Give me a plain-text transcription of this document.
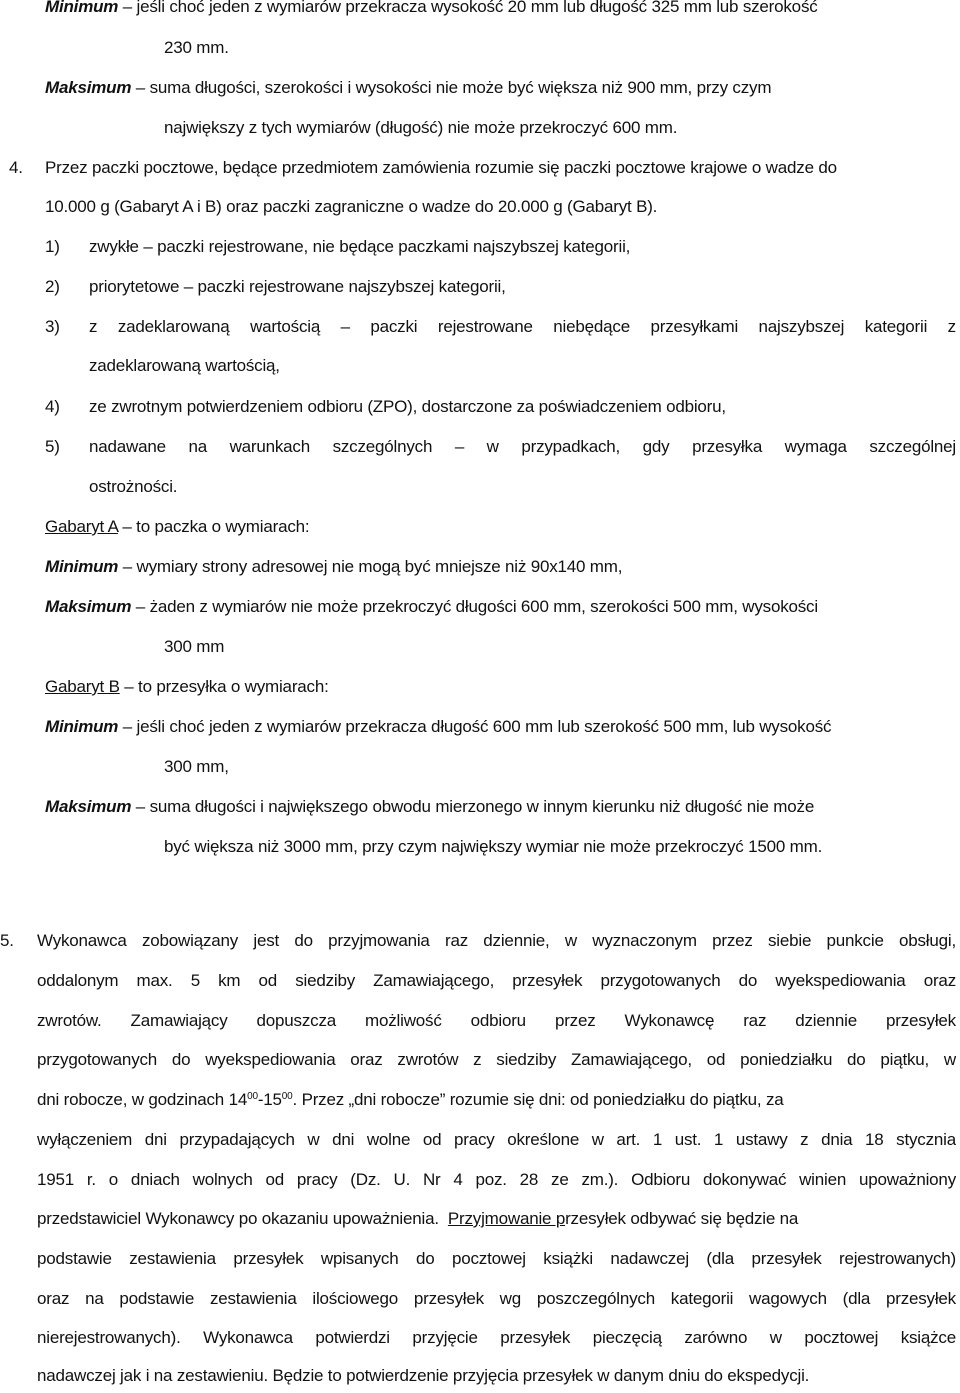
Minimum – jeśli choć jeden z wymiarów przekracza wysokość 20 mm lub długość 325 mm lub szerokość
230 mm.
Maksimum – suma długości, szerokości i wysokości nie może być większa niż 900 mm, przy czym
największy z tych wymiarów (długość) nie może przekroczyć 600 mm.
4. Przez paczki pocztowe, będące przedmiotem zamówienia rozumie się paczki pocztowe krajowe o wadze do
10.000 g (Gabaryt A i B) oraz paczki zagraniczne o wadze do 20.000 g (Gabaryt B).
1) zwykłe – paczki rejestrowane, nie będące paczkami najszybszej kategorii,
2) priorytetowe – paczki rejestrowane najszybszej kategorii,
3) z zadeklarowaną wartością – paczki rejestrowane niebędące przesyłkami najszybszej kategorii z
zadeklarowaną wartością,
4) ze zwrotnym potwierdzeniem odbioru (ZPO), dostarczone za poświadczeniem odbioru,
5) nadawane na warunkach szczególnych – w przypadkach, gdy przesyłka wymaga szczególnej
ostrożności.
Gabaryt A – to paczka o wymiarach:
Minimum – wymiary strony adresowej nie mogą być mniejsze niż 90x140 mm,
Maksimum – żaden z wymiarów nie może przekroczyć długości 600 mm, szerokości 500 mm, wysokości
300 mm
Gabaryt B – to przesyłka o wymiarach:
Minimum – jeśli choć jeden z wymiarów przekracza długość 600 mm lub szerokość 500 mm, lub wysokość
300 mm,
Maksimum – suma długości i największego obwodu mierzonego w innym kierunku niż długość nie może
być większa niż 3000 mm, przy czym największy wymiar nie może przekroczyć 1500 mm.
5. Wykonawca zobowiązany jest do przyjmowania raz dziennie, w wyznaczonym przez siebie punkcie obsługi,
oddalonym max. 5 km od siedziby Zamawiającego, przesyłek przygotowanych do wyekspediowania oraz
zwrotów. Zamawiający dopuszcza możliwość odbioru przez Wykonawcę raz dziennie przesyłek
przygotowanych do wyekspediowania oraz zwrotów z siedziby Zamawiającego, od poniedziałku do piątku, w
dni robocze, w godzinach $14^{00}-15^{00}$. Przez „dni robocze” rozumie się dni: od poniedziałku do piątku, za
wyłączeniem dni przypadających w dni wolne od pracy określone w art. 1 ust. 1 ustawy z dnia 18 stycznia
1951 r. o dniach wolnych od pracy (Dz. U. Nr 4 poz. 28 ze zm.). Odbioru dokonywać winien upoważniony
przedstawiciel Wykonawcy po okazaniu upoważnienia. Przyjmowanie przesyłek odbywać się będzie na
podstawie zestawienia przesyłek wpisanych do pocztowej książki nadawczej (dla przesyłek rejestrowanych)
oraz na podstawie zestawienia ilościowego przesyłek wg poszczególnych kategorii wagowych (dla przesyłek
nierejestrowanych). Wykonawca potwierdzi przyjęcie przesyłek pieczęcią zarówno w pocztowej książce
nadawczej jak i na zestawieniu. Będzie to potwierdzenie przyjęcia przesyłek w danym dniu do ekspedycji.
